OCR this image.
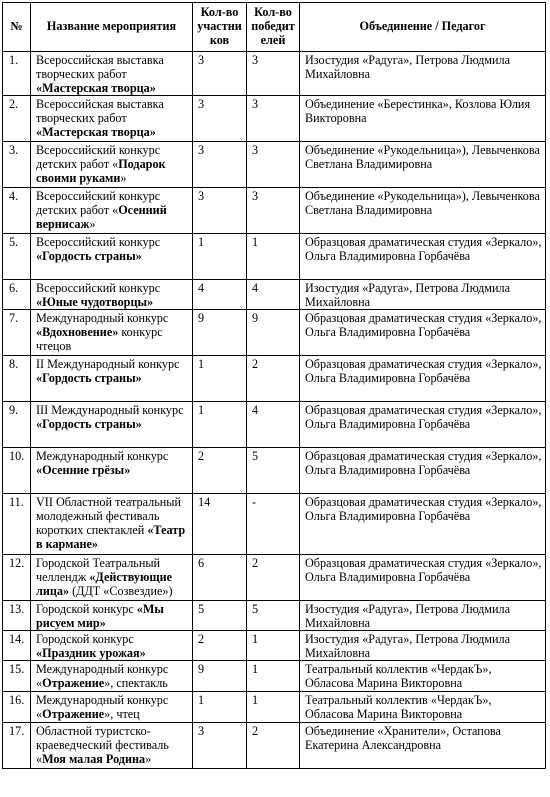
№	Название мероприятия	Кол-во участников	Кол-во победителей	Объединение / Педагог
1.	Всероссийская выставка творческих работ «Мастерская творца»	3	3	Изостудия «Радуга», Петрова Людмила Михайловна
2.	Всероссийская выставка творческих работ «Мастерская творца»	3	3	Объединение «Берестинка», Козлова Юлия Викторовна
3.	Всероссийский конкурс детских работ «Подарок своими руками»	3	3	Объединение «Рукодельница»), Левыченкова Светлана Владимировна
4.	Всероссийский конкурс детских работ «Осенний вернисаж»	3	3	Объединение «Рукодельница»), Левыченкова Светлана Владимировна
5.	Всероссийский конкурс «Гордость страны»	1	1	Образцовая драматическая студия «Зеркало», Ольга Владимировна Горбачёва
6.	Всероссийский конкурс «Юные чудотворцы»	4	4	Изостудия «Радуга», Петрова Людмила Михайловна
7.	Международный конкурс «Вдохновение» конкурс чтецов	9	9	Образцовая драматическая студия «Зеркало», Ольга Владимировна Горбачёва
8.	II Международный конкурс «Гордость страны»	1	2	Образцовая драматическая студия «Зеркало», Ольга Владимировна Горбачёва
9.	III Международный конкурс «Гордость страны»	1	4	Образцовая драматическая студия «Зеркало», Ольга Владимировна Горбачёва
10.	Международный конкурс «Осенние грёзы»	2	5	Образцовая драматическая студия «Зеркало», Ольга Владимировна Горбачёва
11.	VII Областной театральный молодежный фестиваль коротких спектаклей «Театр в кармане»	14	-	Образцовая драматическая студия «Зеркало», Ольга Владимировна Горбачёва
12.	Городской Театральный челлендж «Действующие лица» (ДДТ «Созвездие»)	6	2	Образцовая драматическая студия «Зеркало», Ольга Владимировна Горбачёва
13.	Городской конкурс «Мы рисуем мир»	5	5	Изостудия «Радуга», Петрова Людмила Михайловна
14.	Городской конкурс «Праздник урожая»	2	1	Изостудия «Радуга», Петрова Людмила Михайловна
15.	Международный конкурс «Отражение», спектакль	9	1	Театральный коллектив «ЧердакЪ», Обласова Марина Викторовна
16.	Международный конкурс «Отражение», чтец	1	1	Театральный коллектив «ЧердакЪ», Обласова Марина Викторовна
17.	Областной туристско-краеведческий фестиваль «Моя малая Родина»	3	2	Объединение «Хранители», Остапова Екатерина Александровна
